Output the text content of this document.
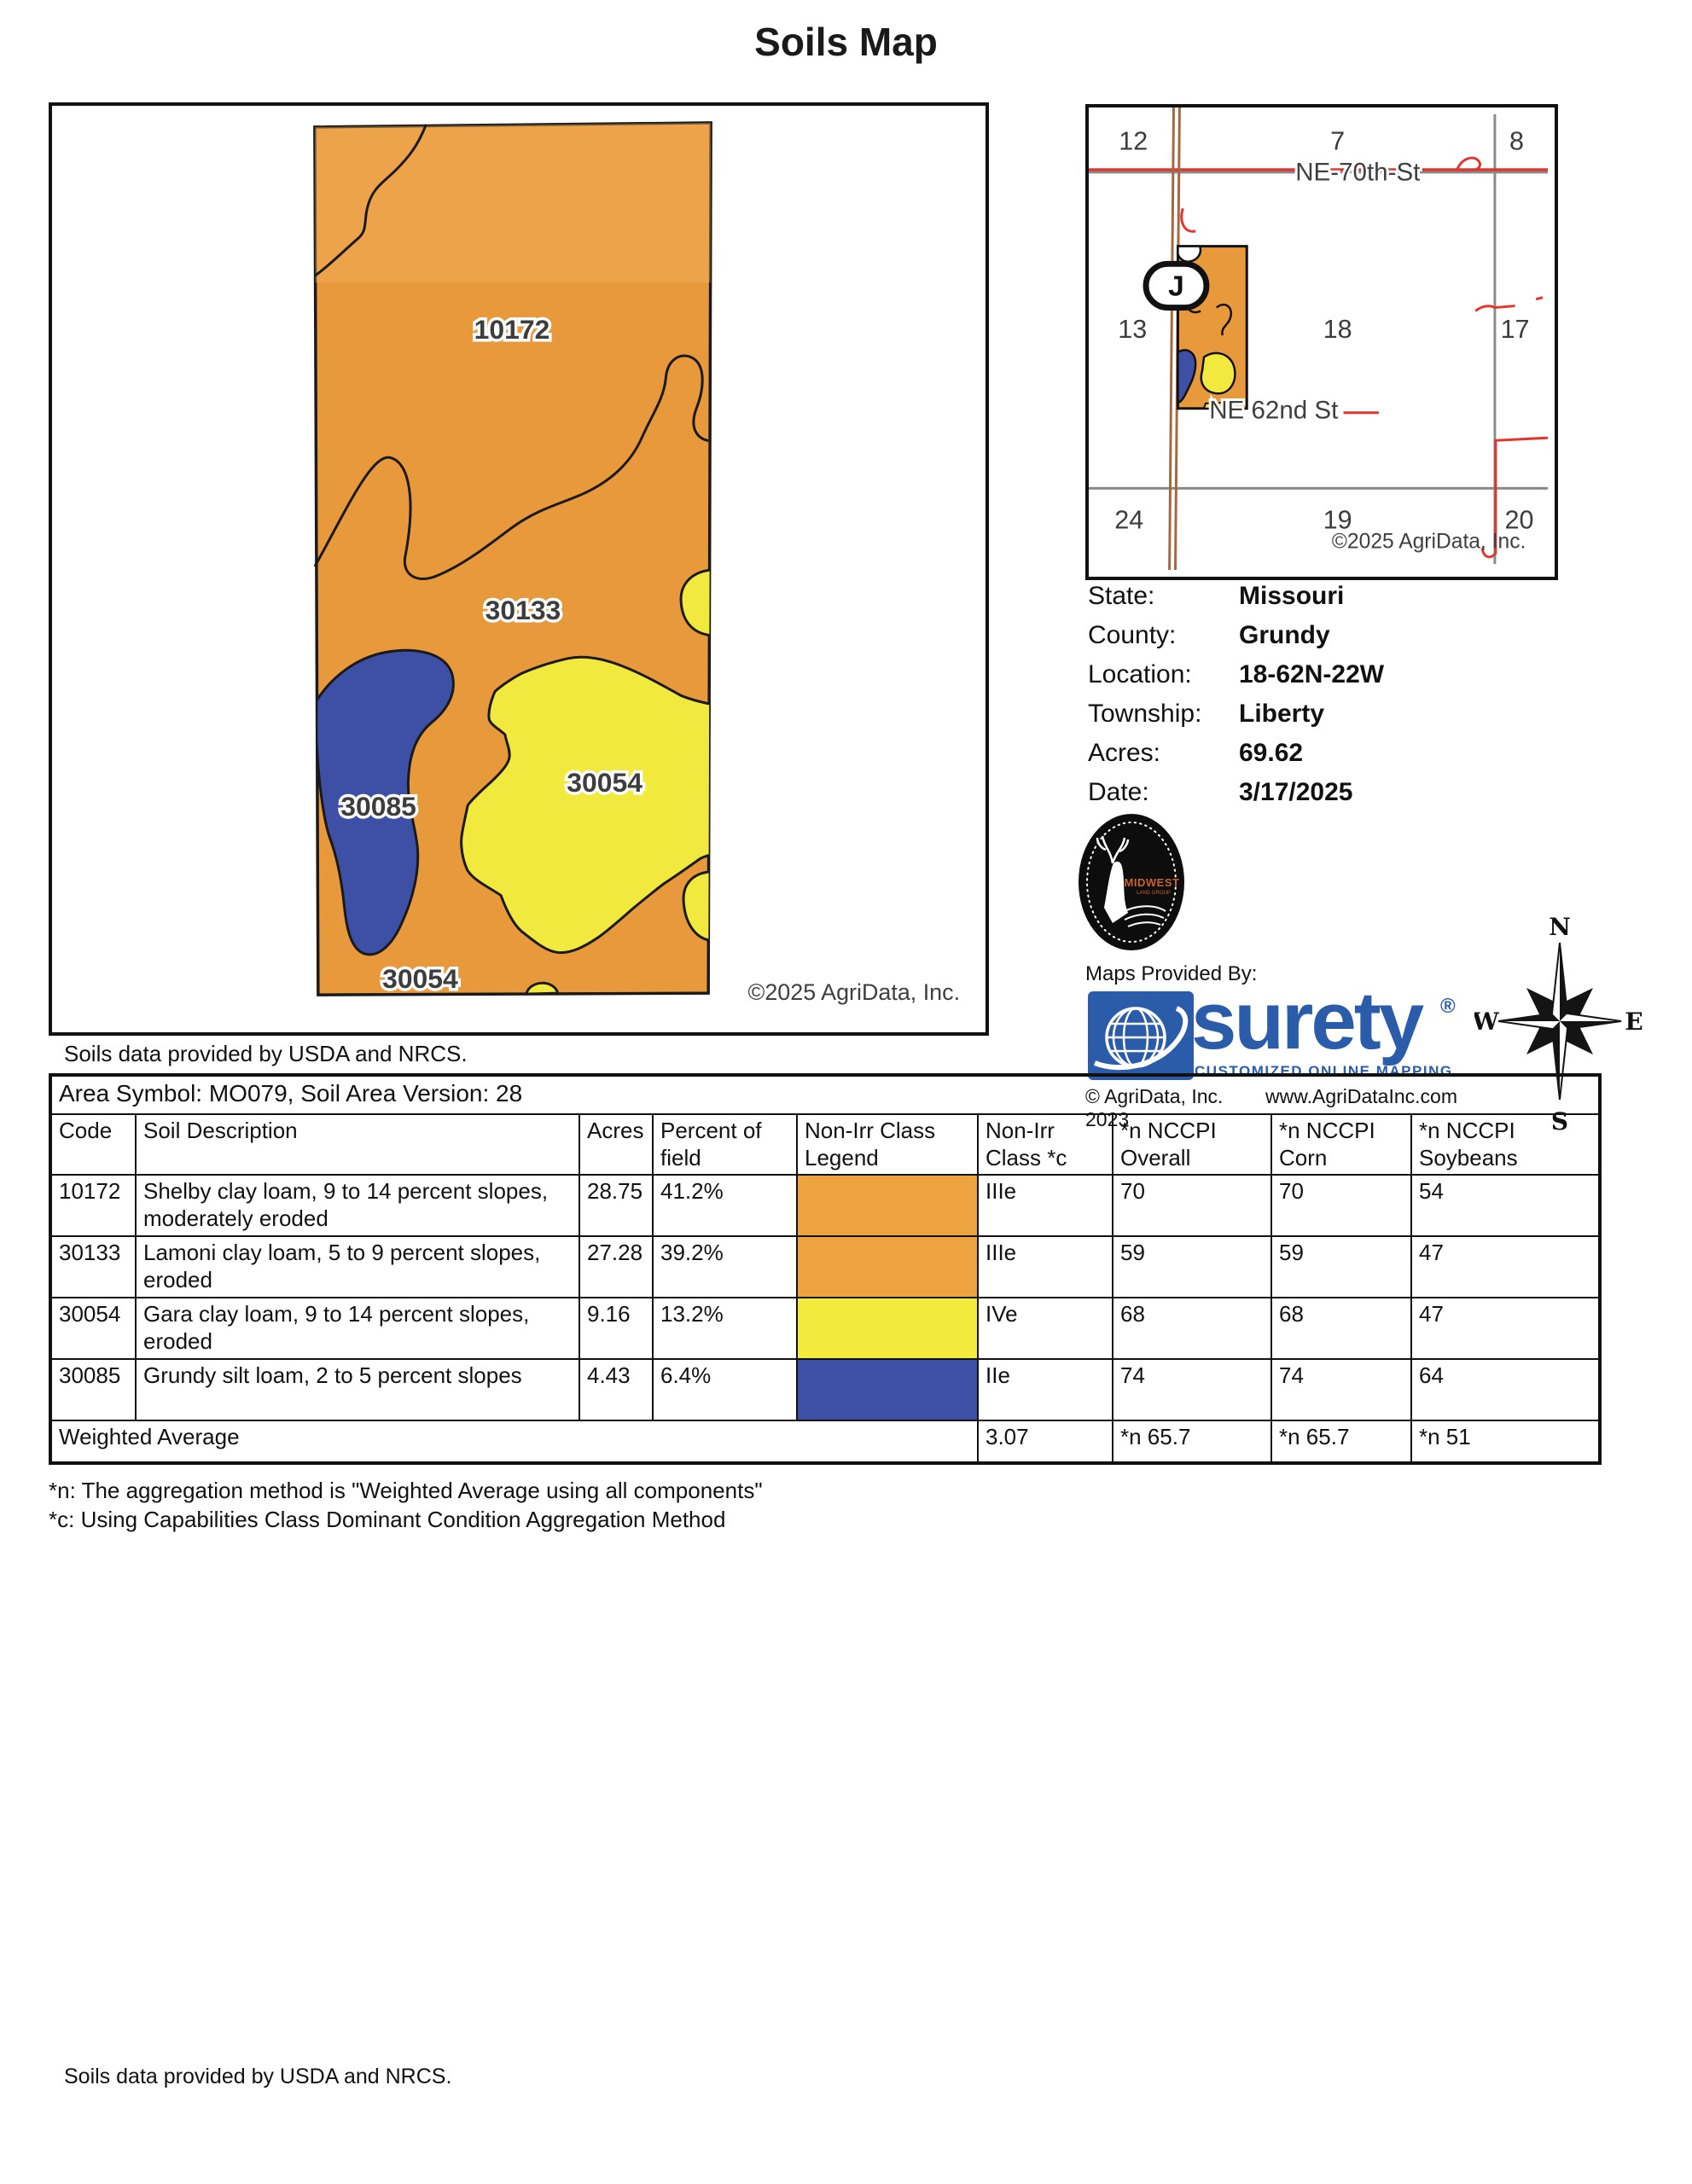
Soils Map
10172
30133
30054
30085
30054	©2025 AgriData, Inc.
Soils data provided by USDA and NRCS.
12	7	8
13	18	17
24	19	20
NE-70th-St
NE 62nd St
J
©2025 AgriData, Inc.
State:	Missouri
County:	Grundy
Location:	18-62N-22W
Township:	Liberty
Acres:	69.62
Date:	3/17/2025
MIDWEST
LAND GROUP
Maps Provided By:
surety ®
CUSTOMIZED ONLINE MAPPING
© AgriData, Inc. 2023
www.AgriDataInc.com
N
E
S
W
Area Symbol: MO079, Soil Area Version: 28								
Code	Soil Description	Acres	Percent of field	Non-Irr Class Legend	Non-Irr Class *c	*n NCCPI Overall	*n NCCPI Corn	*n NCCPI Soybeans
10172	Shelby clay loam, 9 to 14 percent slopes, moderately eroded	28.75	41.2%		IIIe	70	70	54
30133	Lamoni clay loam, 5 to 9 percent slopes, eroded	27.28	39.2%		IIIe	59	59	47
30054	Gara clay loam, 9 to 14 percent slopes, eroded	9.16	13.2%		IVe	68	68	47
30085	Grundy silt loam, 2 to 5 percent slopes	4.43	6.4%		IIe	74	74	64
Weighted Average					3.07	*n 65.7	*n 65.7	*n 51
*n: The aggregation method is "Weighted Average using all components"
*c: Using Capabilities Class Dominant Condition Aggregation Method
Soils data provided by USDA and NRCS.
